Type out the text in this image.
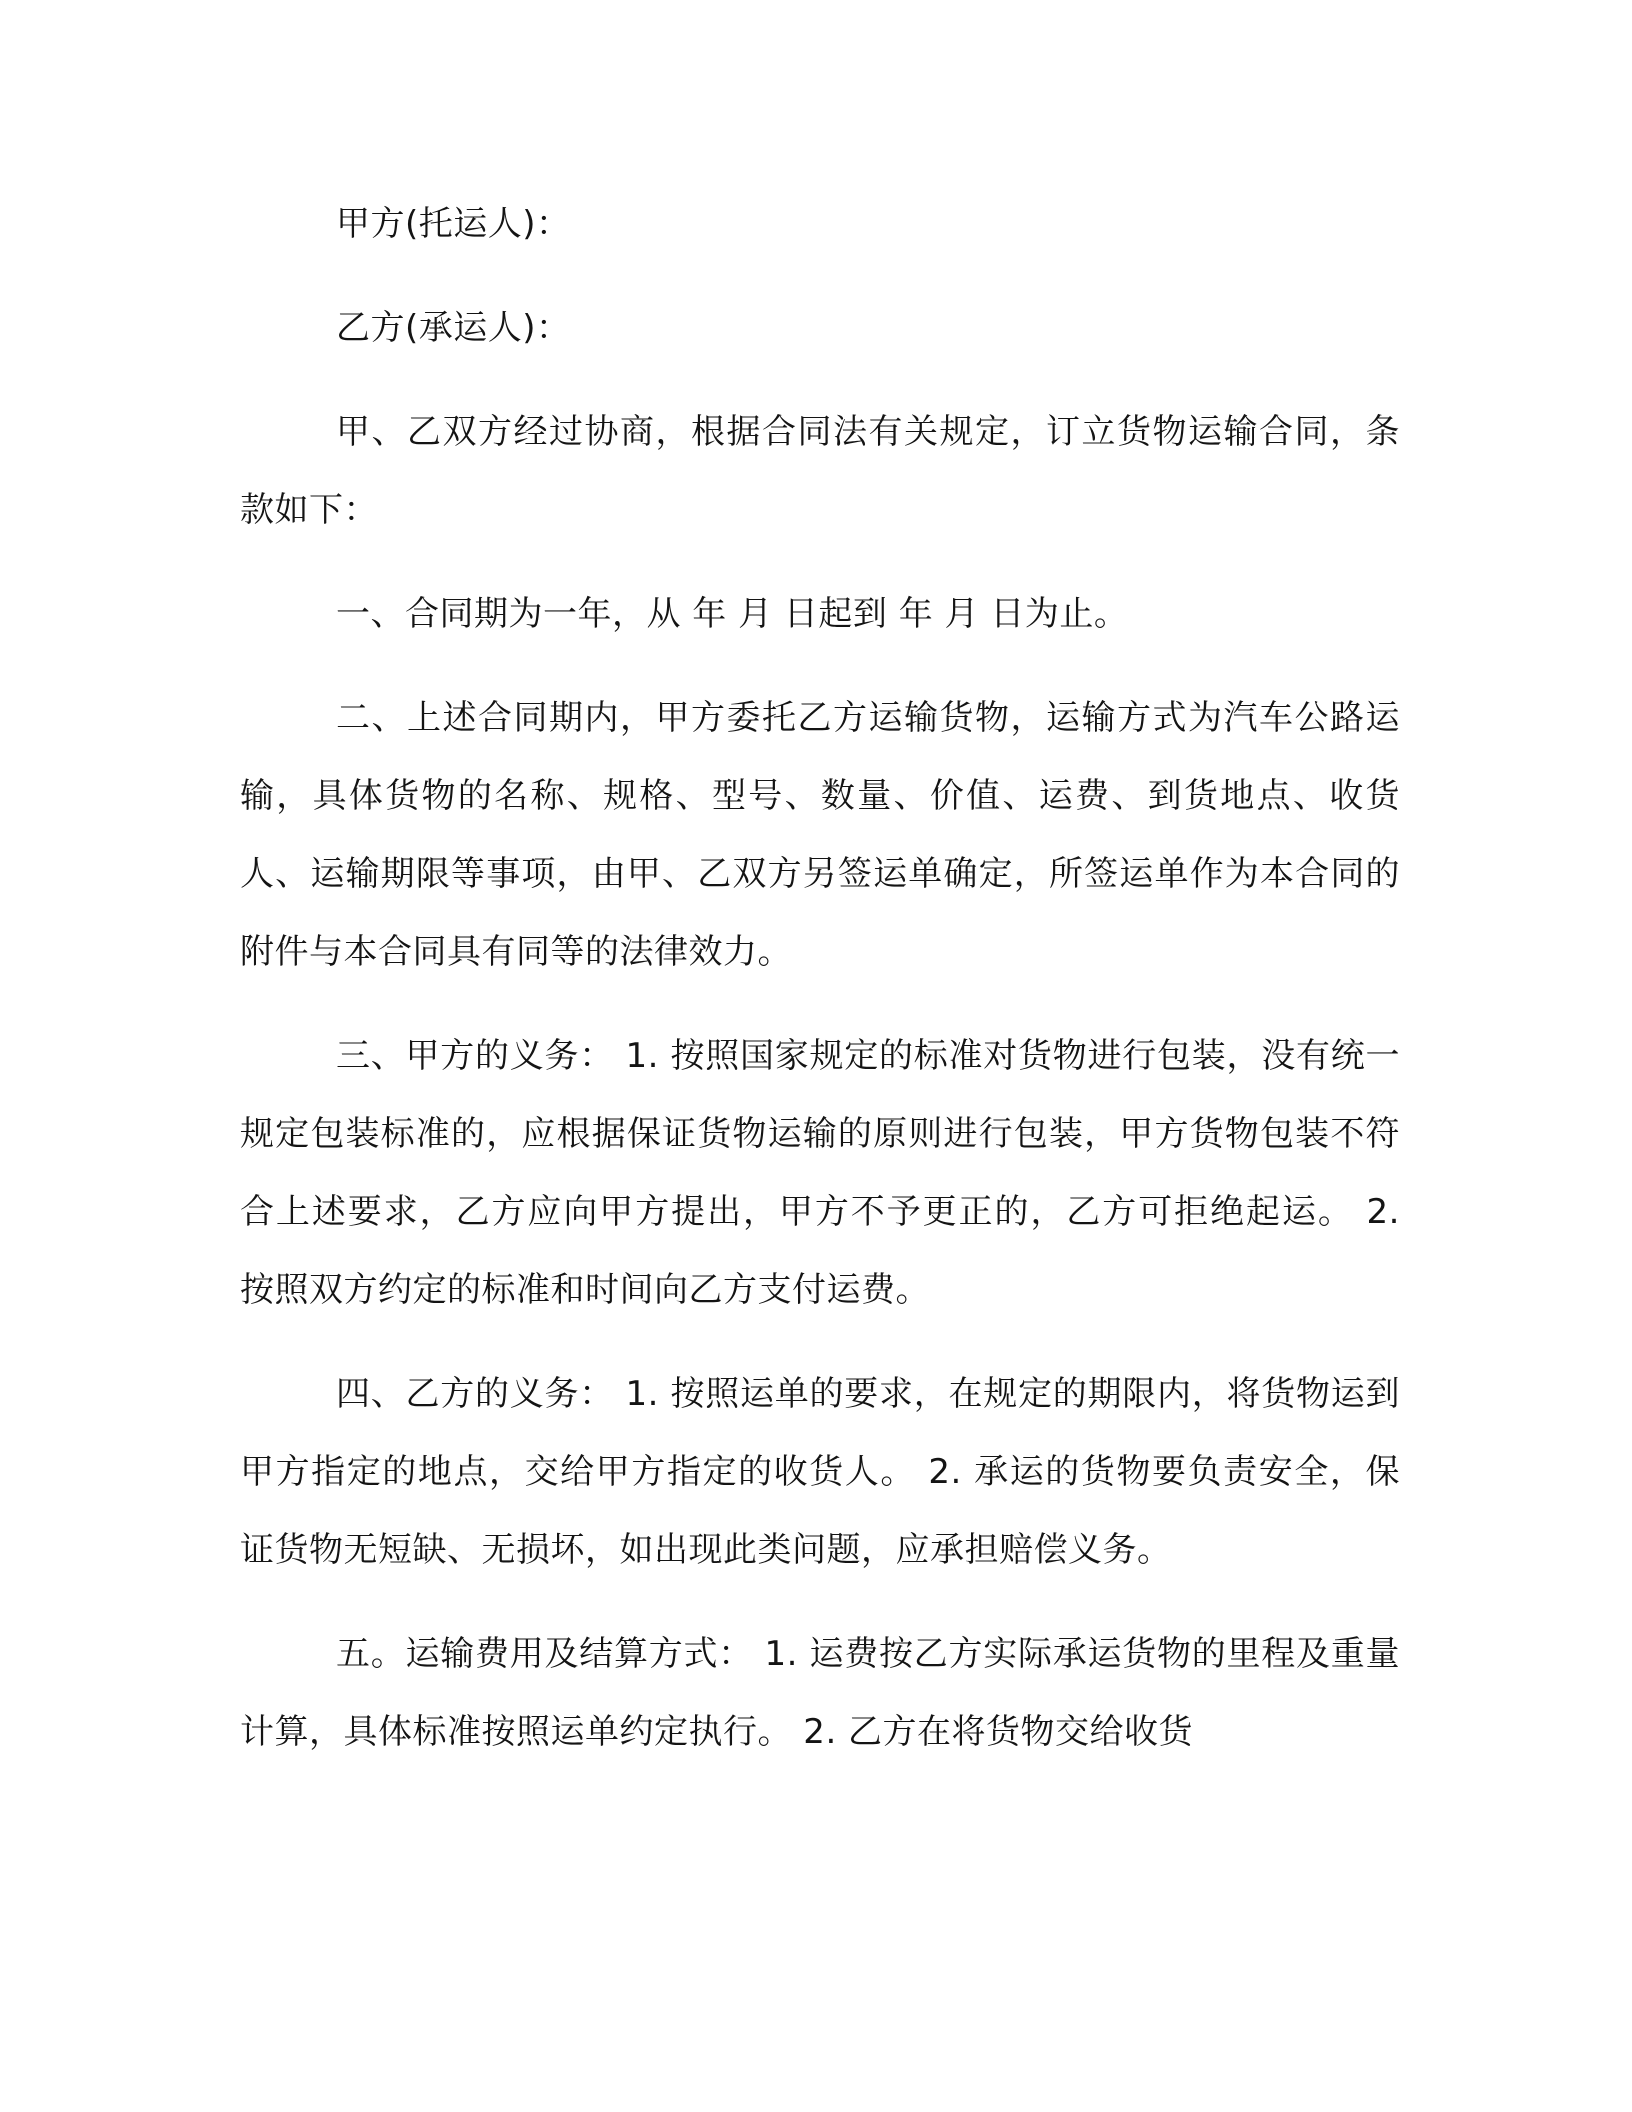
甲方(托运人)：

乙方(承运人)：

甲、乙双方经过协商，根据合同法有关规定，订立货物运输合同，条款如下：

一、合同期为一年，从 年 月 日起到 年 月 日为止。

二、上述合同期内，甲方委托乙方运输货物，运输方式为汽车公路运输，具体货物的名称、规格、型号、数量、价值、运费、到货地点、收货人、运输期限等事项，由甲、乙双方另签运单确定，所签运单作为本合同的附件与本合同具有同等的法律效力。

三、甲方的义务： 1. 按照国家规定的标准对货物进行包装，没有统一规定包装标准的，应根据保证货物运输的原则进行包装，甲方货物包装不符合上述要求，乙方应向甲方提出，甲方不予更正的，乙方可拒绝起运。 2. 按照双方约定的标准和时间向乙方支付运费。

四、乙方的义务： 1. 按照运单的要求，在规定的期限内，将货物运到甲方指定的地点，交给甲方指定的收货人。 2. 承运的货物要负责安全，保证货物无短缺、无损坏，如出现此类问题，应承担赔偿义务。

五。运输费用及结算方式： 1. 运费按乙方实际承运货物的里程及重量计算，具体标准按照运单约定执行。 2. 乙方在将货物交给收货
